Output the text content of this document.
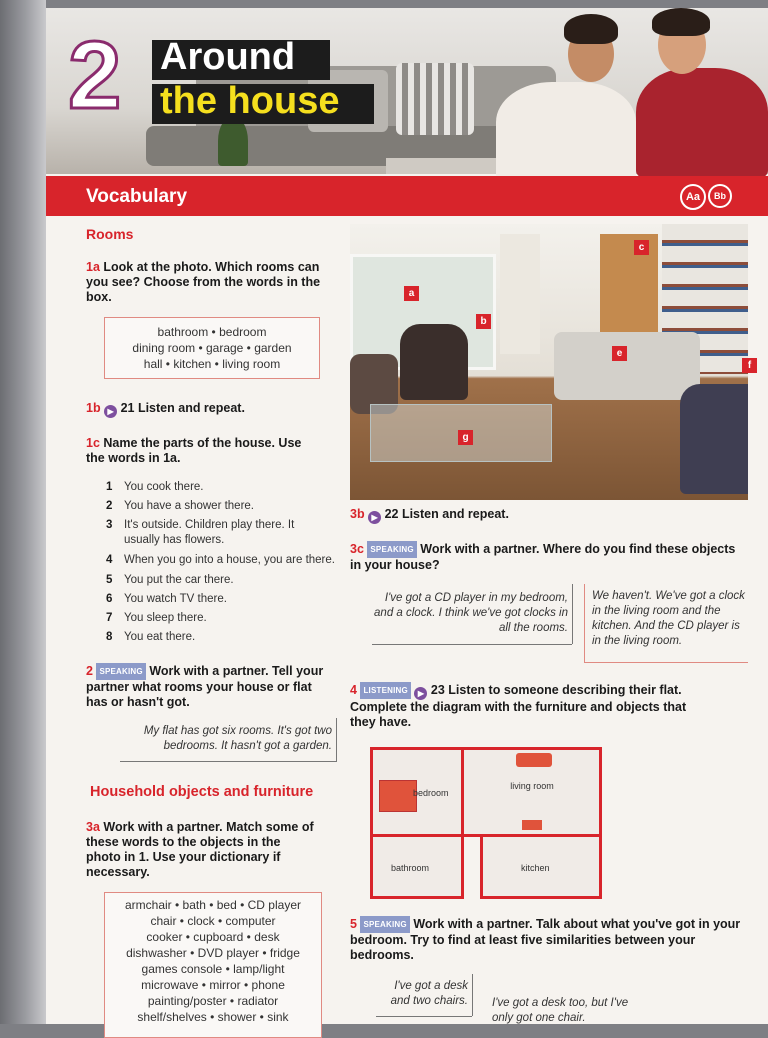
2 Around
the house
Vocabulary	Aa	Bb
Rooms
1a Look at the photo. Which rooms can you see? Choose from the words in the box.
bathroom • bedroom
dining room • garage • garden
hall • kitchen • living room
1b ▶ 21 Listen and repeat.
1c Name the parts of the house. Use the words in 1a.
1 You cook there.
2 You have a shower there.
3	It's outside. Children play there. It usually has flowers.
4 When you go into a house, you are there.
5 You put the car there.
6 You watch TV there.
7 You sleep there.
8 You eat there.
2 SPEAKING Work with a partner. Tell your partner what rooms your house or flat has or hasn't got.
My flat has got six rooms. It's got two bedrooms. It hasn't got a garden.
Household objects and furniture
3a Work with a partner. Match some of these words to the objects in the photo in 1. Use your dictionary if necessary.
armchair • bath • bed • CD player
chair • clock • computer
cooker • cupboard • desk
dishwasher • DVD player • fridge
games console • lamp/light
microwave • mirror • phone
painting/poster • radiator
shelf/shelves • shower • sink
a
b
c
e
f
g
3b ▶ 22 Listen and repeat.
3c SPEAKING Work with a partner. Where do you find these objects in your house?
I've got a CD player in my bedroom, and a clock. I think we've got clocks in all the rooms.
We haven't. We've got a clock in the living room and the kitchen. And the CD player is in the living room.
4 LISTENING ▶ 23 Listen to someone describing their flat. Complete the diagram with the furniture and objects that they have.
bedroom
living room
bathroom	kitchen
5 SPEAKING Work with a partner. Talk about what you've got in your bedroom. Try to find at least five similarities between your bedrooms.
I've got a desk and two chairs. I've got a desk too, but I've only got one chair.
